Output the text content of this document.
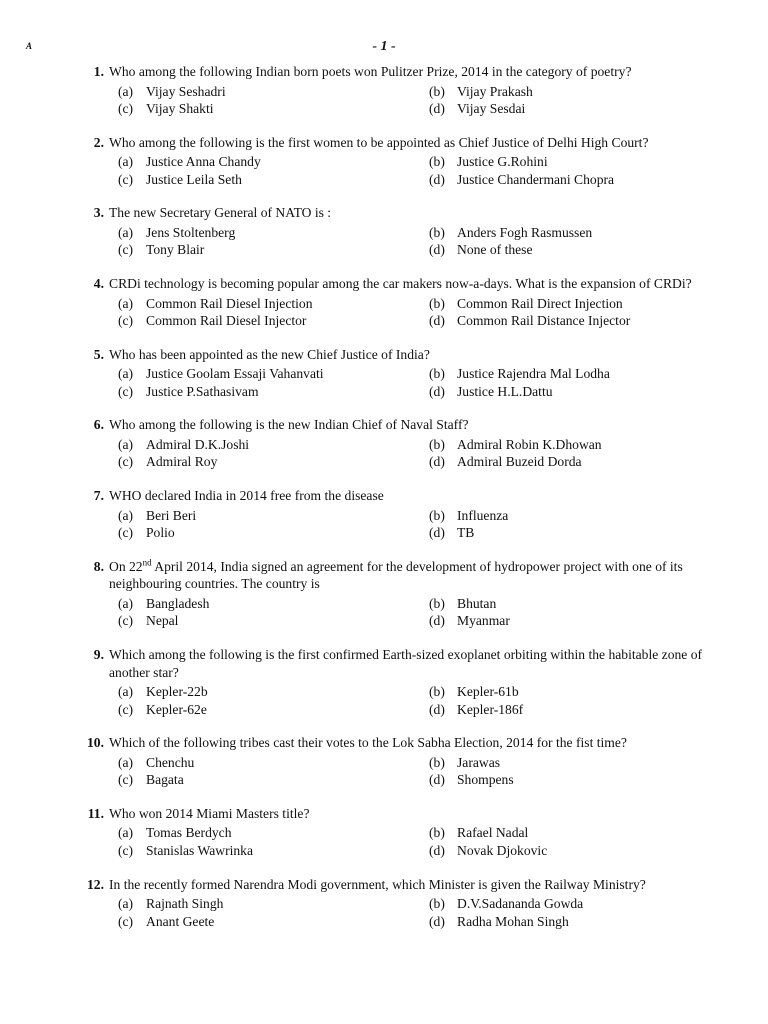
A	- 1 -
1. Who among the following Indian born poets won Pulitzer Prize, 2014 in the category of poetry?
(a) Vijay Seshadri	(b) Vijay Prakash
(c) Vijay Shakti	(d) Vijay Sesdai
2. Who among the following is the first women to be appointed as Chief Justice of Delhi High Court?
(a) Justice Anna Chandy	(b) Justice G.Rohini
(c) Justice Leila Seth	(d) Justice Chandermani Chopra
3. The new Secretary General of NATO is :
(a) Jens Stoltenberg	(b) Anders Fogh Rasmussen
(c) Tony Blair	(d) None of these
4. CRDi technology is becoming popular among the car makers now-a-days. What is the expansion of CRDi?
(a) Common Rail Diesel Injection	(b) Common Rail Direct Injection
(c) Common Rail Diesel Injector	(d) Common Rail Distance Injector
5. Who has been appointed as the new Chief Justice of India?
(a) Justice Goolam Essaji Vahanvati	(b) Justice Rajendra Mal Lodha
(c) Justice P.Sathasivam	(d) Justice H.L.Dattu
6. Who among the following is the new Indian Chief of Naval Staff?
(a) Admiral D.K.Joshi	(b) Admiral Robin K.Dhowan
(c) Admiral Roy	(d) Admiral Buzeid Dorda
7. WHO declared India in 2014 free from the disease
(a) Beri Beri	(b) Influenza
(c) Polio	(d) TB
8. On 22nd April 2014, India signed an agreement for the development of hydropower project with one of its neighbouring countries. The country is
(a) Bangladesh	(b) Bhutan
(c) Nepal	(d) Myanmar
9. Which among the following is the first confirmed Earth-sized exoplanet orbiting within the habitable zone of another star?
(a) Kepler-22b	(b) Kepler-61b
(c) Kepler-62e	(d) Kepler-186f
10. Which of the following tribes cast their votes to the Lok Sabha Election, 2014 for the fist time?
(a) Chenchu	(b) Jarawas
(c) Bagata	(d) Shompens
11. Who won 2014 Miami Masters title?
(a) Tomas Berdych	(b) Rafael Nadal
(c) Stanislas Wawrinka	(d) Novak Djokovic
12. In the recently formed Narendra Modi government, which Minister is given the Railway Ministry?
(a) Rajnath Singh	(b) D.V.Sadananda Gowda
(c) Anant Geete	(d) Radha Mohan Singh
